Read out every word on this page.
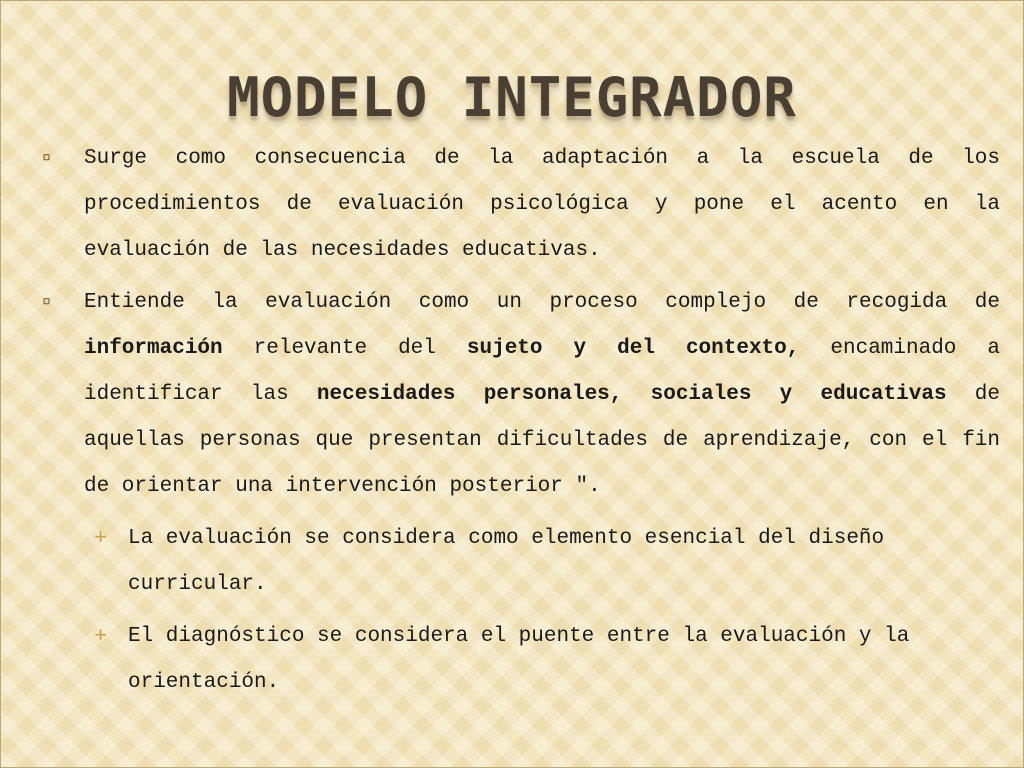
MODELO INTEGRADOR
¤	Surge como consecuencia de la adaptación a la escuela de los procedimientos de evaluación psicológica y pone el acento en la evaluación de las necesidades educativas.
¤	Entiende la evaluación como un proceso complejo de recogida de información relevante del sujeto y del contexto, encaminado a identificar las necesidades personales, sociales y educativas de aquellas personas que presentan dificultades de aprendizaje, con el fin de orientar una intervención posterior ".
+ La evaluación se considera como elemento esencial del diseño curricular.
+ El diagnóstico se considera el puente entre la evaluación y la orientación.
